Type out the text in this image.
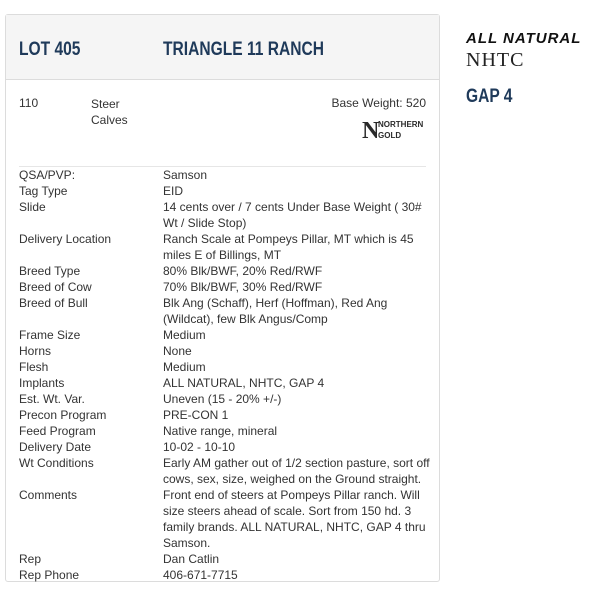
LOT 405	TRIANGLE 11 RANCH
110	Steer
Calves
Base Weight: 520
N
NORTHERN
GOLD
QSA/PVP:	Samson
Tag Type	EID
Slide	14 cents over / 7 cents Under Base Weight ( 30# Wt / Slide Stop)
Delivery Location	Ranch Scale at Pompeys Pillar, MT which is 45 miles E of Billings, MT
Breed Type	80% Blk/BWF, 20% Red/RWF
Breed of Cow	70% Blk/BWF, 30% Red/RWF
Breed of Bull	Blk Ang (Schaff), Herf (Hoffman), Red Ang (Wildcat), few Blk Angus/Comp
Frame Size	Medium
Horns	None
Flesh	Medium
Implants	ALL NATURAL, NHTC, GAP 4
Est. Wt. Var.	Uneven (15 - 20% +/-)
Precon Program	PRE-CON 1
Feed Program	Native range, mineral
Delivery Date	10-02 - 10-10
Wt Conditions	Early AM gather out of 1/2 section pasture, sort off cows, sex, size, weighed on the Ground straight.
Comments	Front end of steers at Pompeys Pillar ranch. Will size steers ahead of scale. Sort from 150 hd. 3 family brands. ALL NATURAL, NHTC, GAP 4 thru Samson.
Rep	Dan Catlin
Rep Phone	406-671-7715
ALL NATURAL
NHTC
GAP 4
